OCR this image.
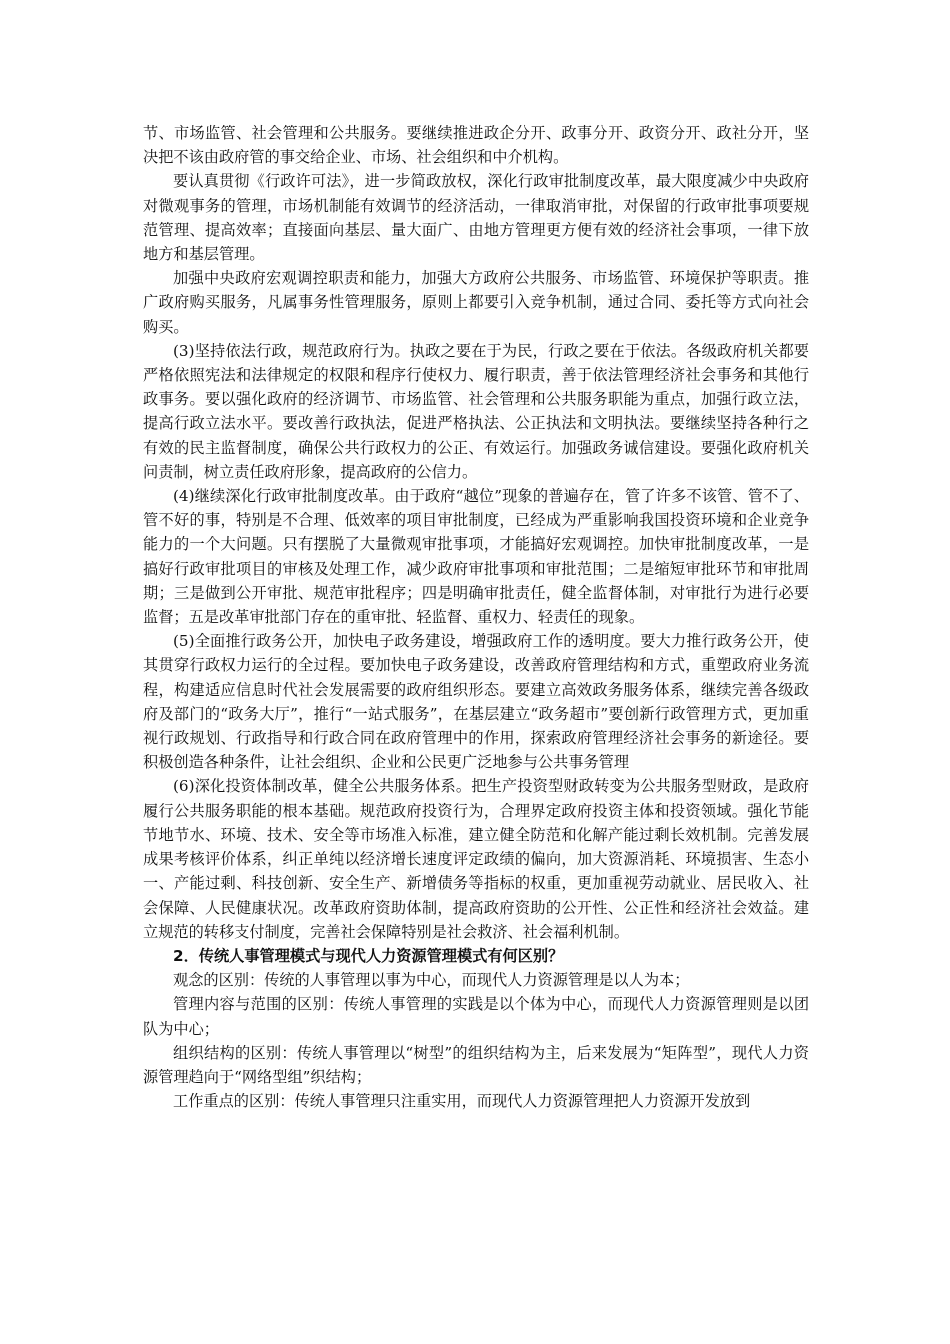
节、市场监管、社会管理和公共服务。要继续推进政企分开、政事分开、政资分开、政社分开，坚决把不该由政府管的事交给企业、市场、社会组织和中介机构。

要认真贯彻《行政许可法》，进一步简政放权，深化行政审批制度改革，最大限度减少中央政府对微观事务的管理，市场机制能有效调节的经济活动，一律取消审批，对保留的行政审批事项要规范管理、提高效率；直接面向基层、量大面广、由地方管理更方便有效的经济社会事项，一律下放地方和基层管理。

加强中央政府宏观调控职责和能力，加强大方政府公共服务、市场监管、环境保护等职责。推广政府购买服务，凡属事务性管理服务，原则上都要引入竞争机制，通过合同、委托等方式向社会购买。

(3)坚持依法行政，规范政府行为。执政之要在于为民，行政之要在于依法。各级政府机关都要严格依照宪法和法律规定的权限和程序行使权力、履行职责，善于依法管理经济社会事务和其他行政事务。要以强化政府的经济调节、市场监管、社会管理和公共服务职能为重点，加强行政立法，提高行政立法水平。要改善行政执法，促进严格执法、公正执法和文明执法。要继续坚持各种行之有效的民主监督制度，确保公共行政权力的公正、有效运行。加强政务诚信建设。要强化政府机关问责制，树立责任政府形象，提高政府的公信力。

(4)继续深化行政审批制度改革。由于政府“越位”现象的普遍存在，管了许多不该管、管不了、管不好的事，特别是不合理、低效率的项目审批制度，已经成为严重影响我国投资环境和企业竞争能力的一个大问题。只有摆脱了大量微观审批事项，才能搞好宏观调控。加快审批制度改革，一是搞好行政审批项目的审核及处理工作，减少政府审批事项和审批范围；二是缩短审批环节和审批周期；三是做到公开审批、规范审批程序；四是明确审批责任，健全监督体制，对审批行为进行必要监督；五是改革审批部门存在的重审批、轻监督、重权力、轻责任的现象。

(5)全面推行政务公开，加快电子政务建设，增强政府工作的透明度。要大力推行政务公开，使其贯穿行政权力运行的全过程。要加快电子政务建设，改善政府管理结构和方式，重塑政府业务流程，构建适应信息时代社会发展需要的政府组织形态。要建立高效政务服务体系，继续完善各级政府及部门的“政务大厅”，推行“一站式服务”，在基层建立“政务超市”要创新行政管理方式，更加重视行政规划、行政指导和行政合同在政府管理中的作用，探索政府管理经济社会事务的新途径。要积极创造各种条件，让社会组织、企业和公民更广泛地参与公共事务管理

(6)深化投资体制改革，健全公共服务体系。把生产投资型财政转变为公共服务型财政，是政府履行公共服务职能的根本基础。规范政府投资行为，合理界定政府投资主体和投资领域。强化节能节地节水、环境、技术、安全等市场准入标准，建立健全防范和化解产能过剩长效机制。完善发展成果考核评价体系，纠正单纯以经济增长速度评定政绩的偏向，加大资源消耗、环境损害、生态小一、产能过剩、科技创新、安全生产、新增债务等指标的权重，更加重视劳动就业、居民收入、社会保障、人民健康状况。改革政府资助体制，提高政府资助的公开性、公正性和经济社会效益。建立规范的转移支付制度，完善社会保障特别是社会救济、社会福利机制。

2．传统人事管理模式与现代人力资源管理模式有何区别？

观念的区别：传统的人事管理以事为中心，而现代人力资源管理是以人为本；

管理内容与范围的区别：传统人事管理的实践是以个体为中心，而现代人力资源管理则是以团队为中心；

组织结构的区别：传统人事管理以“树型”的组织结构为主，后来发展为“矩阵型”，现代人力资源管理趋向于“网络型组”织结构；

工作重点的区别：传统人事管理只注重实用，而现代人力资源管理把人力资源开发放到
